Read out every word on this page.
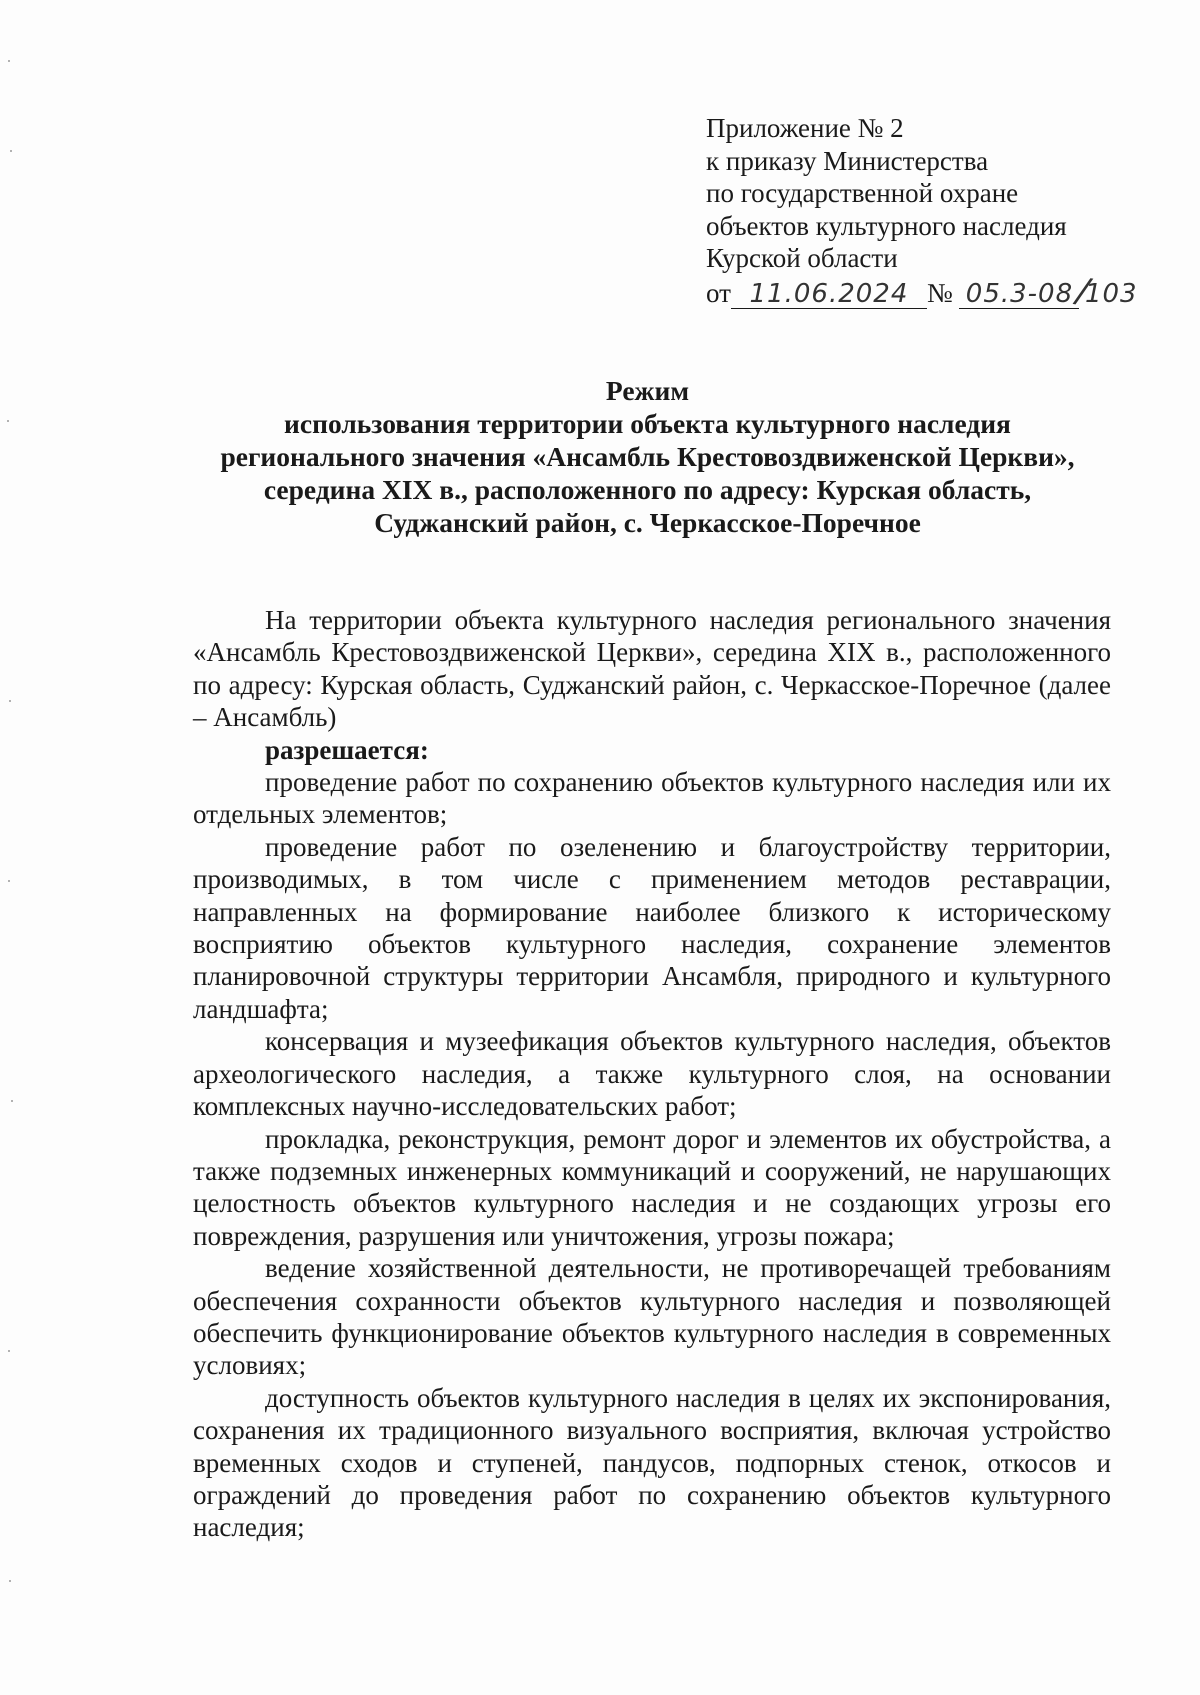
Приложение № 2
к приказу Министерства
по государственной охране
объектов культурного наследия
Курской области
от 11.06.2024 № 05.3-08/103
Режим
использования территории объекта культурного наследия
регионального значения «Ансамбль Крестовоздвиженской Церкви»,
середина XIX в., расположенного по адресу: Курская область,
Суджанский район, с. Черкасское-Поречное

На территории объекта культурного наследия регионального значения «Ансамбль Крестовоздвиженской Церкви», середина XIX в., расположенного по адресу: Курская область, Суджанский район, с. Черкасское-Поречное (далее – Ансамбль)

разрешается:

проведение работ по сохранению объектов культурного наследия или их отдельных элементов;

проведение работ по озеленению и благоустройству территории, производимых, в том числе с применением методов реставрации, направленных на формирование наиболее близкого к историческому восприятию объектов культурного наследия, сохранение элементов планировочной структуры территории Ансамбля, природного и культурного ландшафта;

консервация и музеефикация объектов культурного наследия, объектов археологического наследия, а также культурного слоя, на основании комплексных научно-исследовательских работ;

прокладка, реконструкция, ремонт дорог и элементов их обустройства, а также подземных инженерных коммуникаций и сооружений, не нарушающих целостность объектов культурного наследия и не создающих угрозы его повреждения, разрушения или уничтожения, угрозы пожара;

ведение хозяйственной деятельности, не противоречащей требованиям обеспечения сохранности объектов культурного наследия и позволяющей обеспечить функционирование объектов культурного наследия в современных условиях;

доступность объектов культурного наследия в целях их экспонирования, сохранения их традиционного визуального восприятия, включая устройство временных сходов и ступеней, пандусов, подпорных стенок, откосов и ограждений до проведения работ по сохранению объектов культурного наследия;
